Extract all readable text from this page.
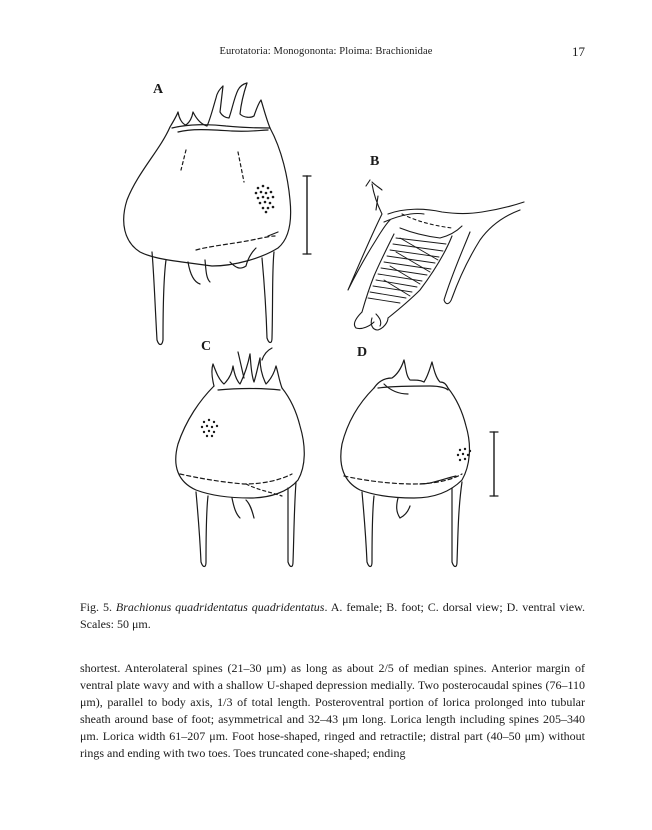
Eurotatoria: Monogononta: Ploima: Brachionidae	17
A
B
C	D
Fig. 5. Brachionus quadridentatus quadridentatus. A. female; B. foot; C. dorsal view; D. ventral view. Scales: 50 μm.
shortest. Anterolateral spines (21–30 μm) as long as about 2/5 of median spines. Anterior margin of ventral plate wavy and with a shallow U-shaped depression medially. Two posterocaudal spines (76–110 μm), parallel to body axis, 1/3 of total length. Posteroventral portion of lorica prolonged into tubular sheath around base of foot; asymmetrical and 32–43 μm long. Lorica length including spines 205–340 μm. Lorica width 61–207 μm. Foot hose-shaped, ringed and retractile; distral part (40–50 μm) without rings and ending with two toes. Toes truncated cone-shaped; ending
